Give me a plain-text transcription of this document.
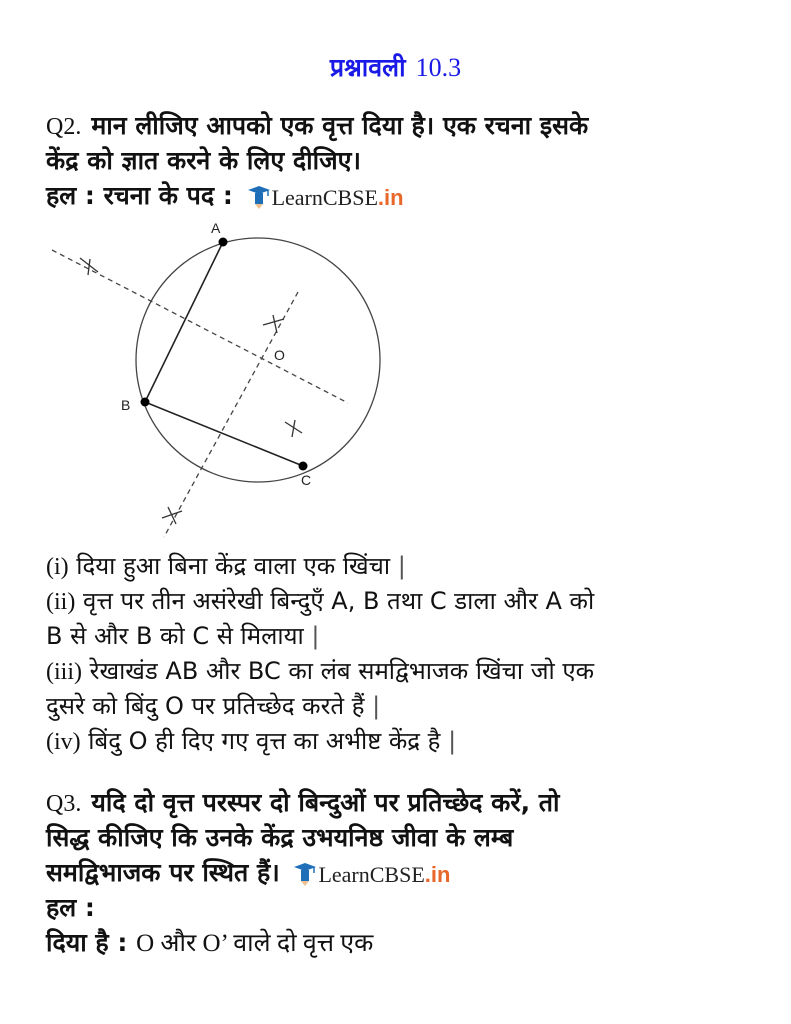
प्रश्नावली 10.3
Q2. मान लीजिए आपको एक वृत्त दिया है। एक रचना इसके
केंद्र को ज्ञात करने के लिए दीजिए।
हल : रचना के पद : LearnCBSE .in
A
B
C
O
(i) दिया हुआ बिना केंद्र वाला एक खिंचा |
(ii) वृत्त पर तीन असंरेखी बिन्दुएँ A, B तथा C डाला और A को
B से और B को C से मिलाया |
(iii) रेखाखंड AB और BC का लंब समद्विभाजक खिंचा जो एक
दुसरे को बिंदु O पर प्रतिच्छेद करते हैं |
(iv) बिंदु O ही दिए गए वृत्त का अभीष्ट केंद्र है |
Q3. यदि दो वृत्त परस्पर दो बिन्दुओं पर प्रतिच्छेद करें, तो
सिद्ध कीजिए कि उनके केंद्र उभयनिष्ठ जीवा के लम्ब
समद्विभाजक पर स्थित हैं। LearnCBSE .in
हल :
दिया है : O और O’ वाले दो वृत्त एक
